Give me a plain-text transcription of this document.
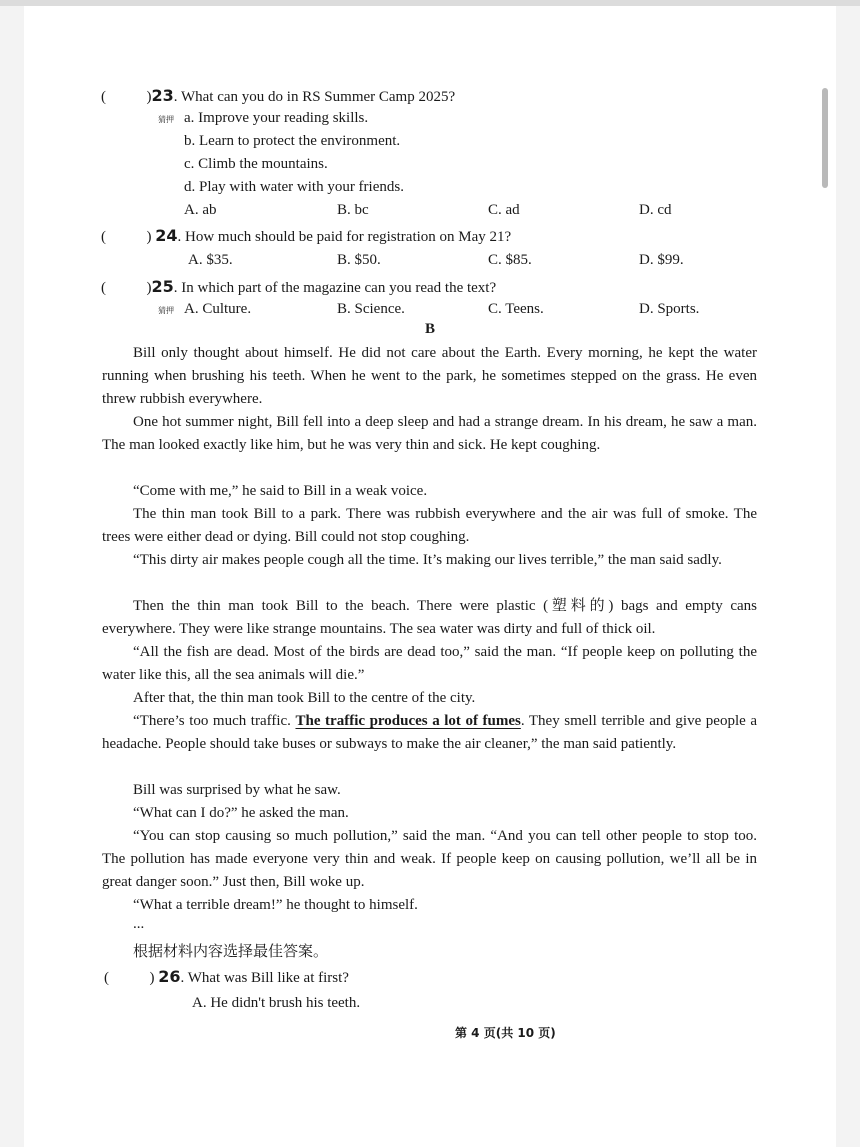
(	)23. What can you do in RS Summer Camp 2025?
猜押 a. Improve your reading skills.
b. Learn to protect the environment.
c. Climb the mountains.
d. Play with water with your friends.
A. ab	B. bc	C. ad	D. cd
(	) 24. How much should be paid for registration on May 21?
A. $35.	B. $50.	C. $85.	D. $99.
(	)25. In which part of the magazine can you read the text?
猜押 A. Culture.	B. Science.	C. Teens.	D. Sports.
B

Bill only thought about himself. He did not care about the Earth. Every morning, he kept the water running when brushing his teeth. When he went to the park, he sometimes stepped on the grass. He even threw rubbish everywhere.

One hot summer night, Bill fell into a deep sleep and had a strange dream. In his dream, he saw a man. The man looked exactly like him, but he was very thin and sick. He kept coughing.

“Come with me,” he said to Bill in a weak voice.

The thin man took Bill to a park. There was rubbish everywhere and the air was full of smoke. The trees were either dead or dying. Bill could not stop coughing.

“This dirty air makes people cough all the time. It’s making our lives terrible,” the man said sadly.

Then the thin man took Bill to the beach. There were plastic (塑料的) bags and empty cans everywhere. They were like strange mountains. The sea water was dirty and full of thick oil.

“All the fish are dead. Most of the birds are dead too,” said the man. “If people keep on polluting the water like this, all the sea animals will die.”

After that, the thin man took Bill to the centre of the city.

“There’s too much traffic. The traffic produces a lot of fumes. They smell terrible and give people a headache. People should take buses or subways to make the air cleaner,” the man said patiently.

Bill was surprised by what he saw.

“What can I do?” he asked the man.

“You can stop causing so much pollution,” said the man. “And you can tell other people to stop too. The pollution has made everyone very thin and weak. If people keep on causing pollution, we’ll all be in great danger soon.” Just then, Bill woke up.

“What a terrible dream!” he thought to himself.

...
根据材料内容选择最佳答案。
(	) 26. What was Bill like at first?
A. He didn't brush his teeth.
第 4 页(共 10 页)
